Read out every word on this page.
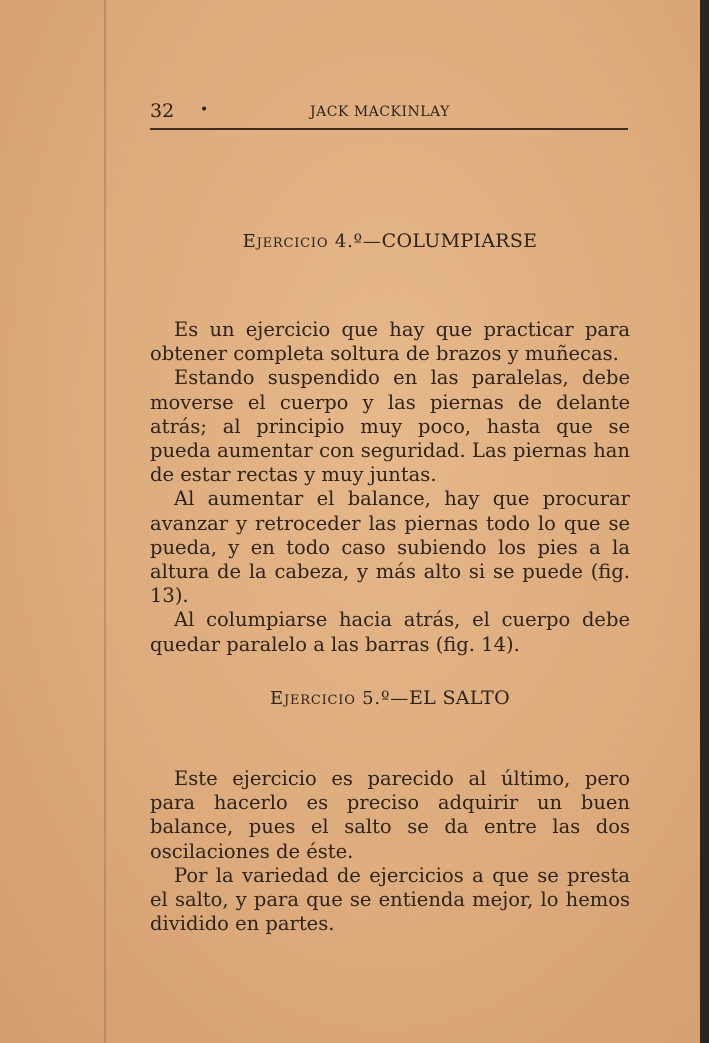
32 •	JACK MACKINLAY
Ejercicio 4.º—COLUMPIARSE

Es un ejercicio que hay que practicar para obtener completa soltura de brazos y muñecas.

Estando suspendido en las paralelas, debe moverse el cuerpo y las piernas de delante atrás; al principio muy poco, hasta que se pueda aumentar con seguridad. Las piernas han de estar rectas y muy juntas.

Al aumentar el balance, hay que procurar avanzar y retroceder las piernas todo lo que se pueda, y en todo caso subiendo los pies a la altura de la cabeza, y más alto si se puede (fig. 13).

Al columpiarse hacia atrás, el cuerpo debe quedar paralelo a las barras (fig. 14).

Ejercicio 5.º—EL SALTO

Este ejercicio es parecido al último, pero para hacerlo es preciso adquirir un buen balance, pues el salto se da entre las dos oscilaciones de éste.

Por la variedad de ejercicios a que se presta el salto, y para que se entienda mejor, lo hemos dividido en partes.
